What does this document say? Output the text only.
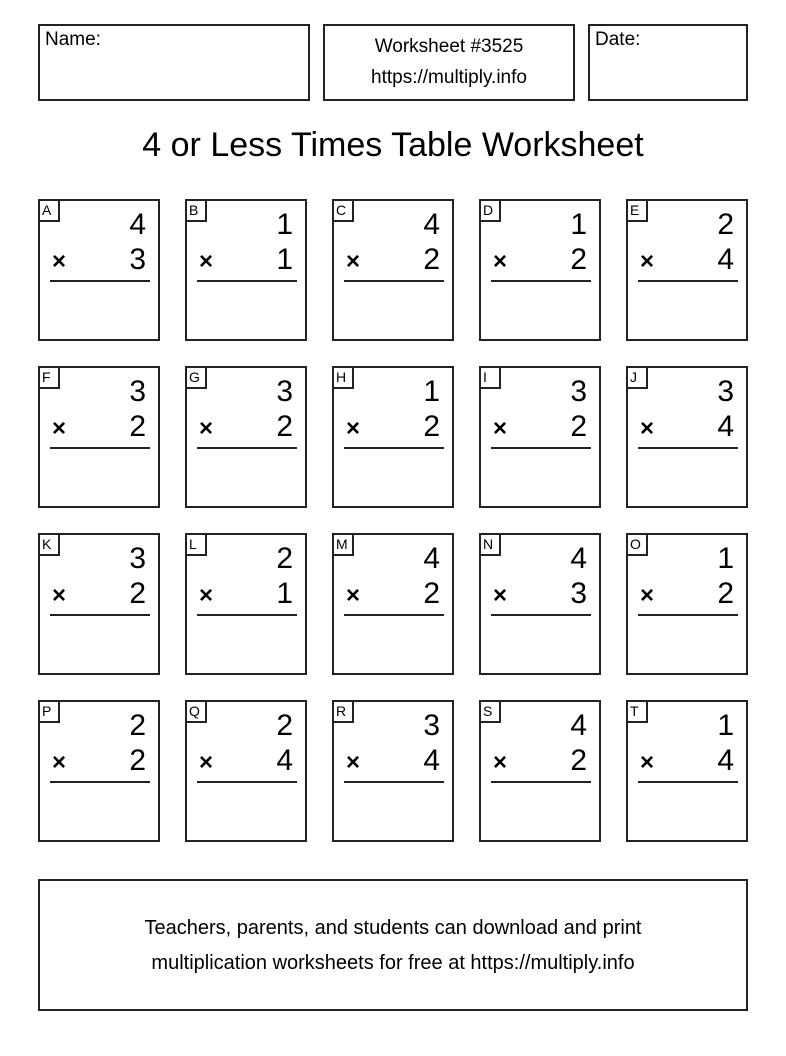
Name:	Worksheet #3525
https://multiply.info
Date:
4 or Less Times Table Worksheet
A	4
× 3
B	1
× 1
C	4
× 2
D	1
× 2
E	2
× 4
F	3
× 2
G	3
× 2
H	1
× 2
I	3
× 2
J	3
× 4
K	3
× 2
L	2
× 1
M	4
× 2
N	4
× 3
O	1
× 2
P	2
× 2
Q	2
× 4
R	3
× 4
S	4
× 2
T	1
× 4
Teachers, parents, and students can download and print
multiplication worksheets for free at https://multiply.info
